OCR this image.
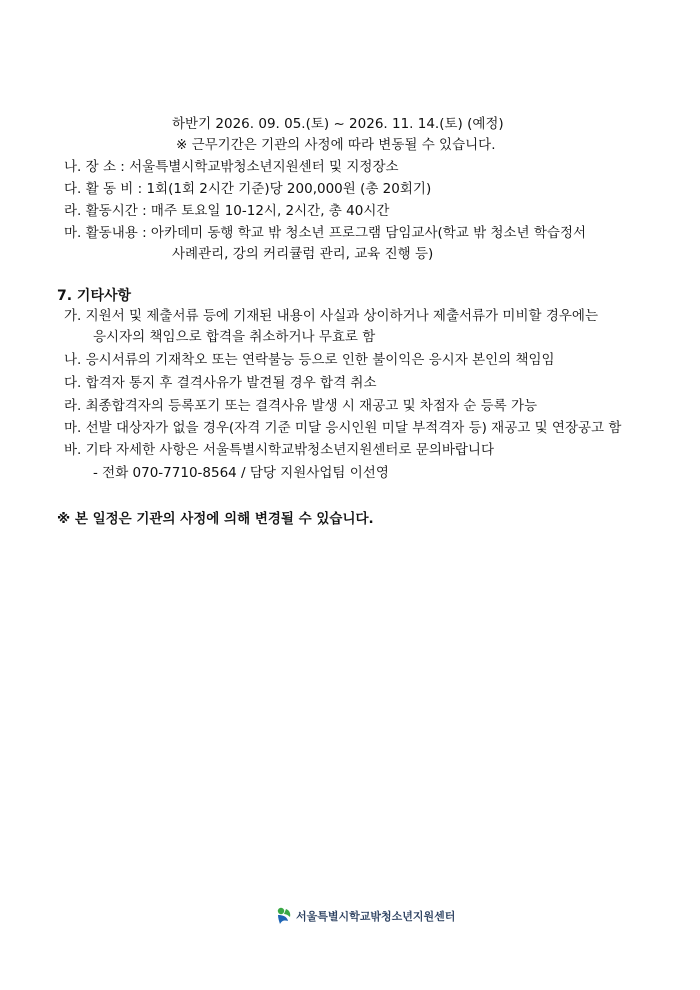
하반기 2026. 09. 05.(토) ~ 2026. 11. 14.(토) (예정)
※ 근무기간은 기관의 사정에 따라 변동될 수 있습니다.
나. 장 소 : 서울특별시학교밖청소년지원센터 및 지정장소
다. 활 동 비 : 1회(1회 2시간 기준)당 200,000원 (총 20회기)
라. 활동시간 : 매주 토요일 10-12시, 2시간, 총 40시간
마. 활동내용 : 아카데미 동행 학교 밖 청소년 프로그램 담임교사(학교 밖 청소년 학습정서
사례관리, 강의 커리큘럼 관리, 교육 진행 등)
7. 기타사항
가. 지원서 및 제출서류 등에 기재된 내용이 사실과 상이하거나 제출서류가 미비할 경우에는
응시자의 책임으로 합격을 취소하거나 무효로 함
나. 응시서류의 기재착오 또는 연락불능 등으로 인한 불이익은 응시자 본인의 책임임
다. 합격자 통지 후 결격사유가 발견될 경우 합격 취소
라. 최종합격자의 등록포기 또는 결격사유 발생 시 재공고 및 차점자 순 등록 가능
마. 선발 대상자가 없을 경우(자격 기준 미달 응시인원 미달 부적격자 등) 재공고 및 연장공고 함
바. 기타 자세한 사항은 서울특별시학교밖청소년지원센터로 문의바랍니다
- 전화 070-7710-8564 / 담당 지원사업팀 이선영
※ 본 일정은 기관의 사정에 의해 변경될 수 있습니다.
서울특별시학교밖청소년지원센터
